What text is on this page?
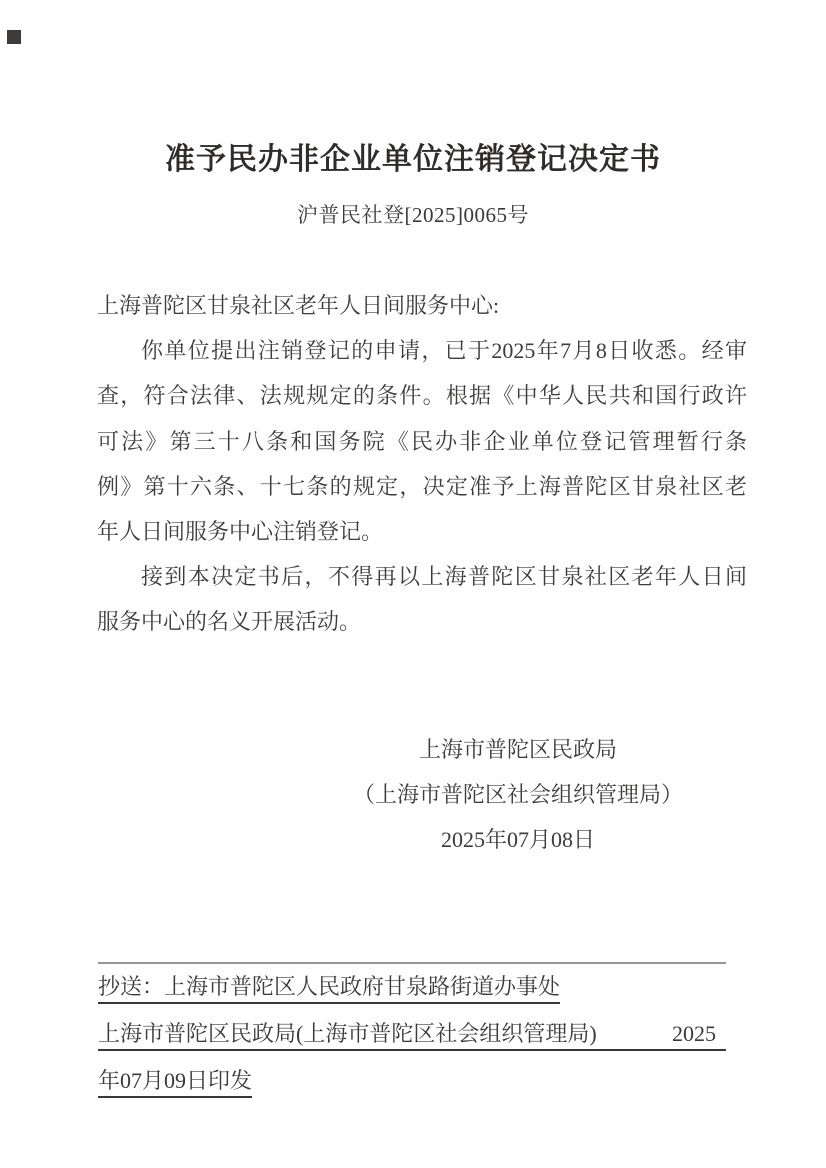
准予民办非企业单位注销登记决定书
沪普民社登[2025]0065号
上海普陀区甘泉社区老年人日间服务中心:
你单位提出注销登记的申请，已于2025年7月8日收悉。经审
查，符合法律、法规规定的条件。根据《中华人民共和国行政许
可法》第三十八条和国务院《民办非企业单位登记管理暂行条
例》第十六条、十七条的规定，决定准予上海普陀区甘泉社区老
年人日间服务中心注销登记。
接到本决定书后，不得再以上海普陀区甘泉社区老年人日间
服务中心的名义开展活动。
上海市普陀区民政局
（上海市普陀区社会组织管理局）
2025年07月08日
抄送：上海市普陀区人民政府甘泉路街道办事处
上海市普陀区民政局(上海市普陀区社会组织管理局)	2025
年07月09日印发
